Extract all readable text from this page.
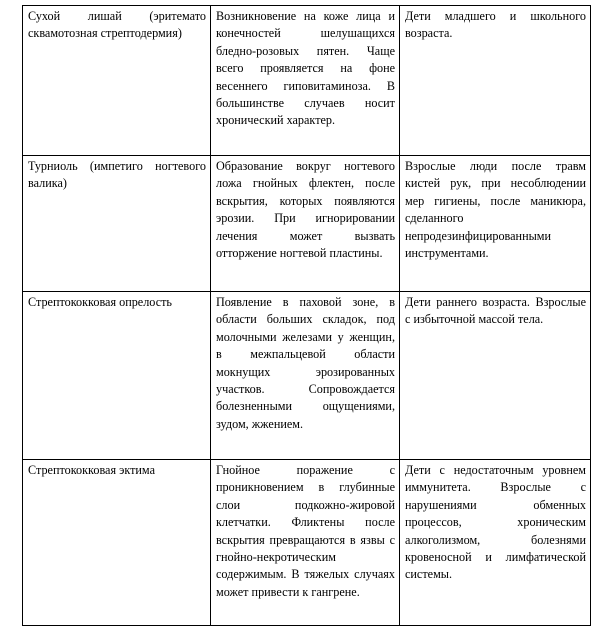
Сухой лишай (эритемато сквамотозная стрептодермия)	Возникновение на коже лица и конечностей шелушащихся бледно-розовых пятен. Чаще всего проявляется на фоне весеннего гиповитаминоза. В большинстве случаев носит хронический характер.	Дети младшего и школьного возраста.

Турниоль (импетиго ногтевого валика)	Образование вокруг ногтевого ложа гнойных флектен, после вскрытия, которых появляются эрозии. При игнорировании лечения может вызвать отторжение ногтевой пластины.	Взрослые люди после травм кистей рук, при несоблюдении мер гигиены, после маникюра, сделанного непродезинфицированными инструментами.

Стрептококковая опрелость	Появление в паховой зоне, в области больших складок, под молочными железами у женщин, в межпальцевой области мокнущих эрозированных участков. Сопровождается болезненными ощущениями, зудом, жжением.	Дети раннего возраста. Взрослые с избыточной массой тела.

Стрептококковая эктима	Гнойное поражение с проникновением в глубинные слои подкожно-жировой клетчатки. Фликтены после вскрытия превращаются в язвы с гнойно-некротическим содержимым. В тяжелых случаях может привести к гангрене.	Дети с недостаточным уровнем иммунитета. Взрослые с нарушениями обменных процессов, хроническим алкоголизмом, болезнями кровеносной и лимфатической системы.
